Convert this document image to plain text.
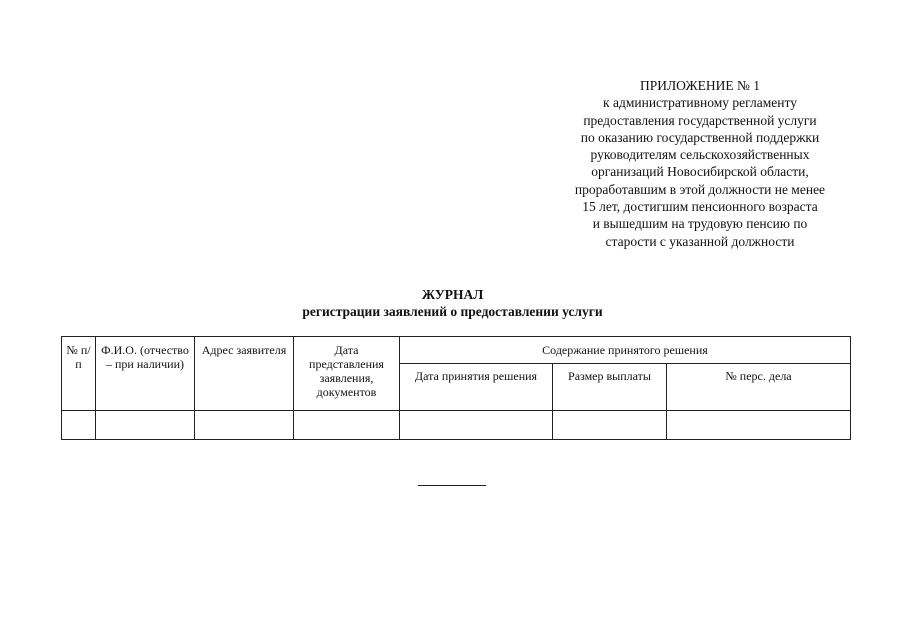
ПРИЛОЖЕНИЕ № 1
к административному регламенту
предоставления государственной услуги
по оказанию государственной поддержки
руководителям сельскохозяйственных
организаций Новосибирской области,
проработавшим в этой должности не менее
15 лет, достигшим пенсионного возраста
и вышедшим на трудовую пенсию по
старости с указанной должности
ЖУРНАЛ
регистрации заявлений о предоставлении услуги
№ п/п	Ф.И.О. (отчество – при наличии)	Адрес заявителя	Дата представления заявления, документов	Содержание принятого решения		
				Дата принятия решения	Размер выплаты	№ перс. дела
